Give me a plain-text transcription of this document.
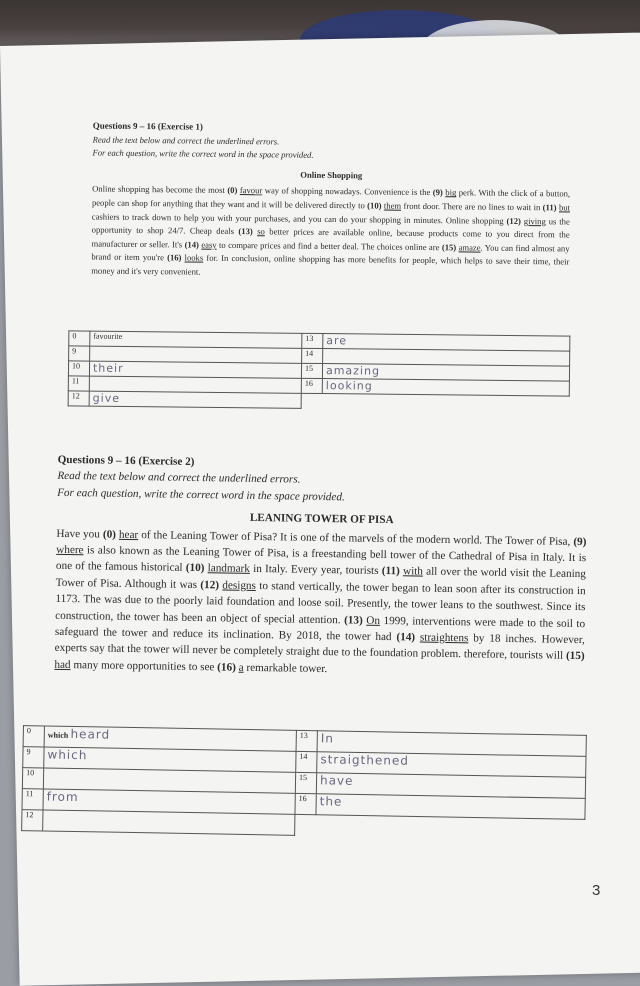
Questions 9 – 16 (Exercise 1)
Read the text below and correct the underlined errors.
For each question, write the correct word in the space provided.
Online Shopping

Online shopping has become the most (0) favour way of shopping nowadays. Convenience is the (9) big perk. With the click of a button, people can shop for anything that they want and it will be delivered directly to (10) them front door. There are no lines to wait in (11) but cashiers to track down to help you with your purchases, and you can do your shopping in minutes. Online shopping (12) giving us the opportunity to shop 24/7. Cheap deals (13) so better prices are available online, because products come to you direct from the manufacturer or seller. It's (14) easy to compare prices and find a better deal. The choices online are (15) amaze. You can find almost any brand or item you're (16) looks for. In conclusion, online shopping has more benefits for people, which helps to save their time, their money and it's very convenient.

0	favourite	13	are
9		14	
10	their	15	amazing
11		16	looking
12	give		
Questions 9 – 16 (Exercise 2)
Read the text below and correct the underlined errors.
For each question, write the correct word in the space provided.
LEANING TOWER OF PISA

Have you (0) hear of the Leaning Tower of Pisa? It is one of the marvels of the modern world. The Tower of Pisa, (9) where is also known as the Leaning Tower of Pisa, is a freestanding bell tower of the Cathedral of Pisa in Italy. It is one of the famous historical (10) landmark in Italy. Every year, tourists (11) with all over the world visit the Leaning Tower of Pisa. Although it was (12) designs to stand vertically, the tower began to lean soon after its construction in 1173. The was due to the poorly laid foundation and loose soil. Presently, the tower leans to the southwest. Since its construction, the tower has been an object of special attention. (13) On 1999, interventions were made to the soil to safeguard the tower and reduce its inclination. By 2018, the tower had (14) straightens by 18 inches. However, experts say that the tower will never be completely straight due to the foundation problem. therefore, tourists will (15) had many more opportunities to see (16) a remarkable tower.

0	which heard	13	In
9	which	14	straigthened
10		15	have
11	from	16	the
12			
3
